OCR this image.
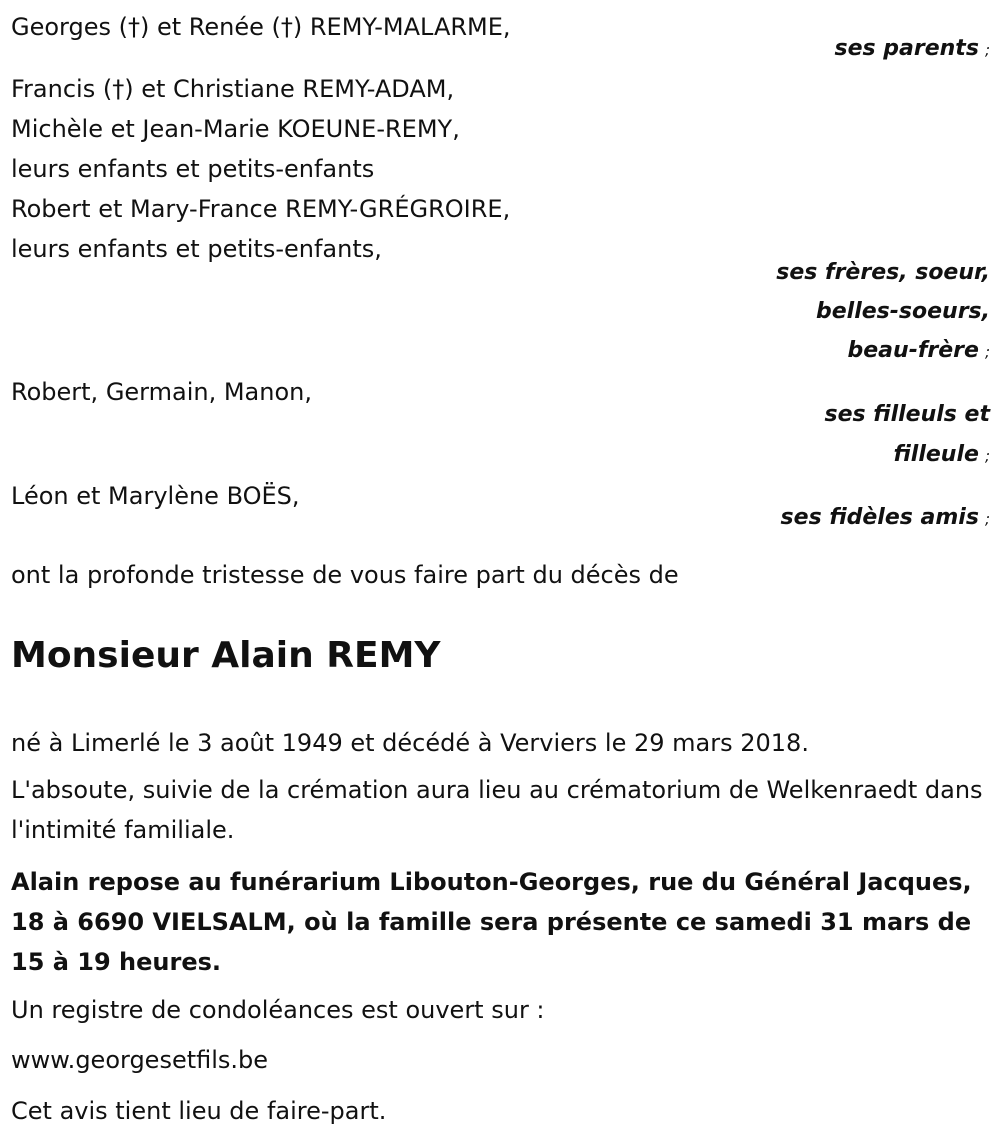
Georges (†) et Renée (†) REMY-MALARME,
ses parents ;
Francis (†) et Christiane REMY-ADAM,
Michèle et Jean-Marie KOEUNE-REMY,
leurs enfants et petits-enfants
Robert et Mary-France REMY-GRÉGROIRE,
leurs enfants et petits-enfants,
ses frères, soeur,
belles-soeurs,
beau-frère ;
Robert, Germain, Manon,
ses filleuls et
filleule ;
Léon et Marylène BOËS,
ses fidèles amis ;
ont la profonde tristesse de vous faire part du décès de
Monsieur Alain REMY
né à Limerlé le 3 août 1949 et décédé à Verviers le 29 mars 2018.
L'absoute, suivie de la crémation aura lieu au crématorium de Welkenraedt dans l'intimité familiale.
Alain repose au funérarium Libouton-Georges, rue du Général Jacques, 18 à 6690 VIELSALM, où la famille sera présente ce samedi 31 mars de 15 à 19 heures.
Un registre de condoléances est ouvert sur :
www.georgesetfils.be
Cet avis tient lieu de faire-part.
